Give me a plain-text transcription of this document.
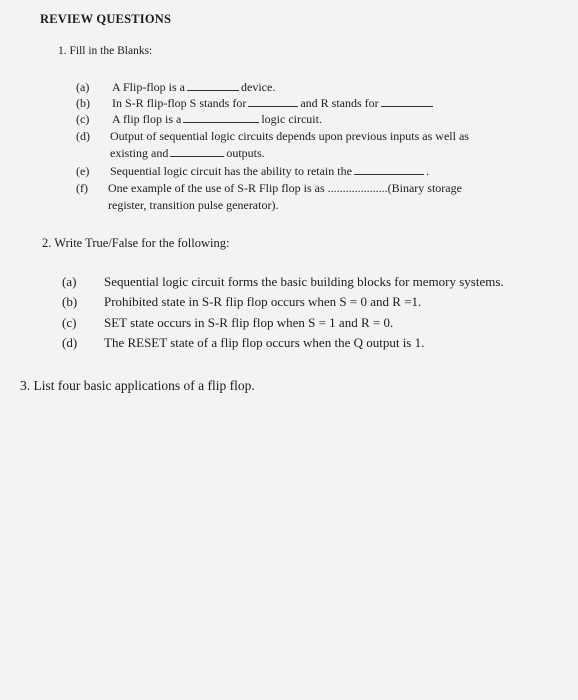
REVIEW QUESTIONS
1. Fill in the Blanks:
(a) A Flip-flop is a	device.
(b) In S-R flip-flop S stands for	and R stands for
(c) A flip flop is a	logic circuit.
(d) Output of sequential logic circuits depends upon previous inputs as well as
existing and	outputs.
(e) Sequential logic circuit has the ability to retain the	.
(f) One example of the use of S-R Flip flop is as ....................(Binary storage
register, transition pulse generator).
2. Write True/False for the following:
(a) Sequential logic circuit forms the basic building blocks for memory systems.
(b) Prohibited state in S-R flip flop occurs when S = 0 and R =1.
(c) SET state occurs in S-R flip flop when S = 1 and R = 0.
(d) The RESET state of a flip flop occurs when the Q output is 1.
3. List four basic applications of a flip flop.
